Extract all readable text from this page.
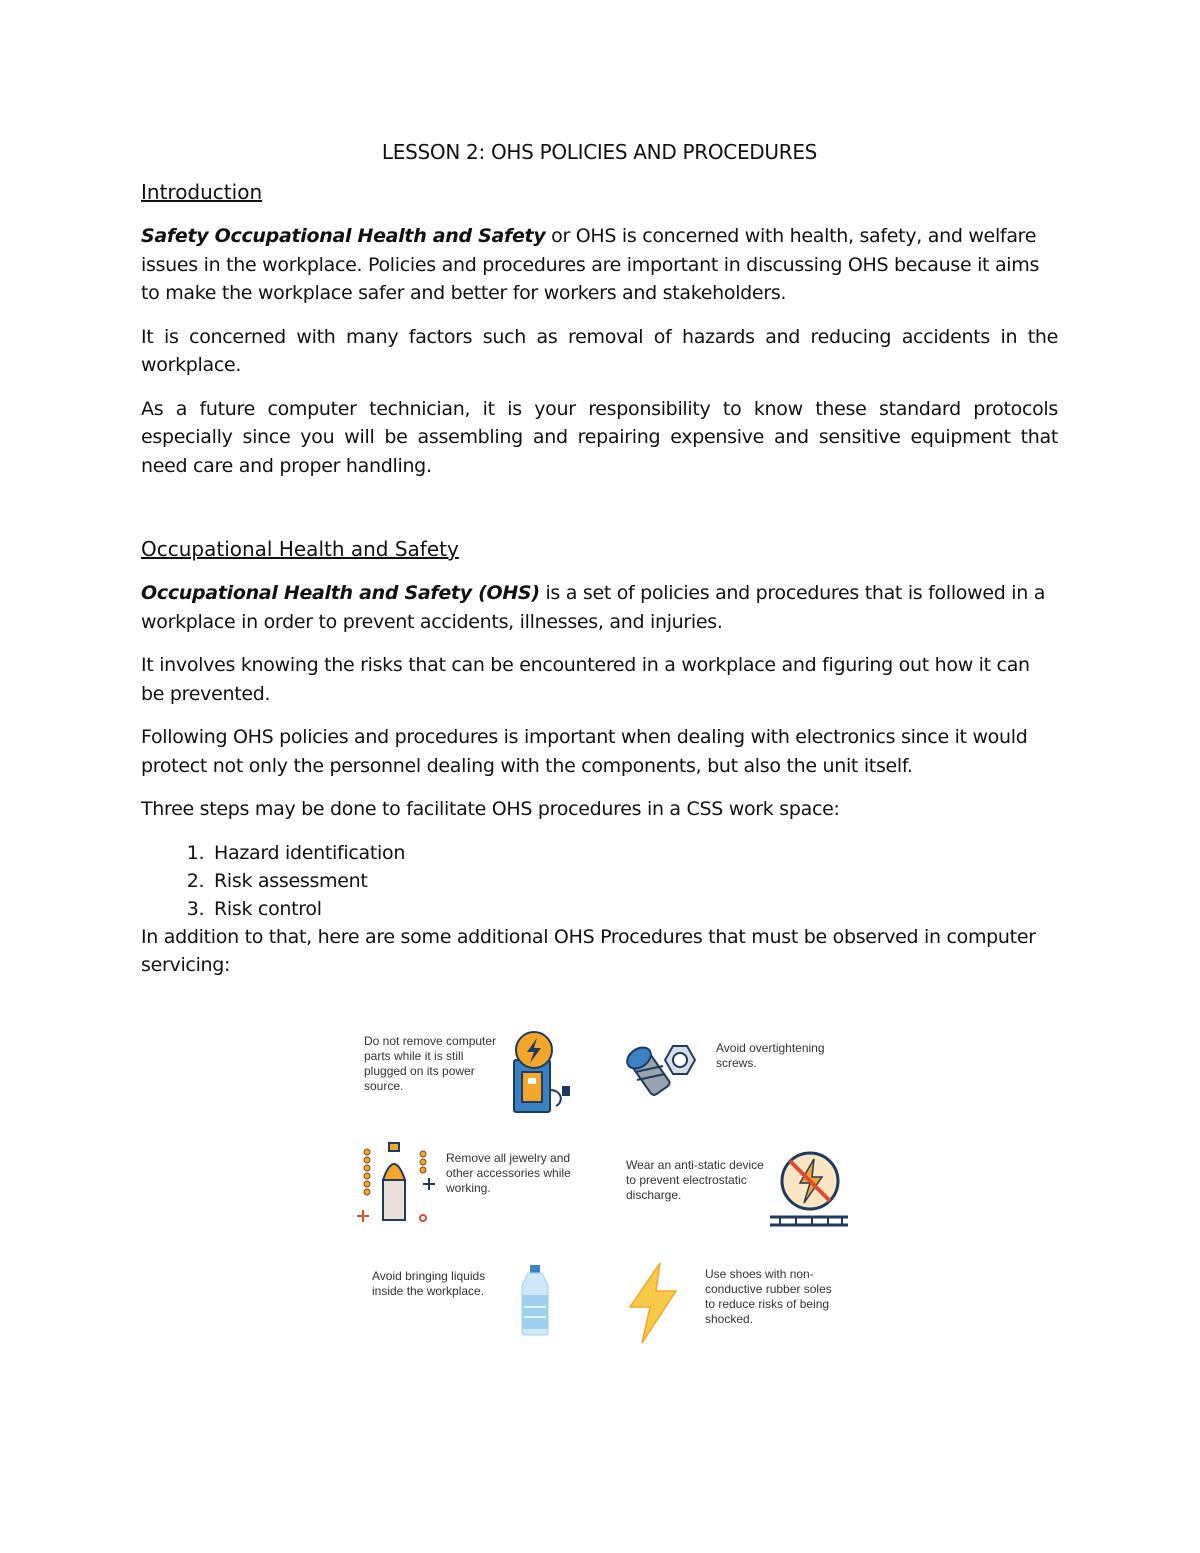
LESSON 2: OHS POLICIES AND PROCEDURES
Introduction

Safety Occupational Health and Safety or OHS is concerned with health, safety, and welfare issues in the workplace. Policies and procedures are important in discussing OHS because it aims to make the workplace safer and better for workers and stakeholders.

It is concerned with many factors such as removal of hazards and reducing accidents in the workplace.

As a future computer technician, it is your responsibility to know these standard protocols especially since you will be assembling and repairing expensive and sensitive equipment that need care and proper handling.

Occupational Health and Safety

Occupational Health and Safety (OHS) is a set of policies and procedures that is followed in a workplace in order to prevent accidents, illnesses, and injuries.

It involves knowing the risks that can be encountered in a workplace and figuring out how it can be prevented.

Following OHS policies and procedures is important when dealing with electronics since it would protect not only the personnel dealing with the components, but also the unit itself.

Three steps may be done to facilitate OHS procedures in a CSS work space:

1. Hazard identification
2. Risk assessment
3. Risk control

In addition to that, here are some additional OHS Procedures that must be observed in computer servicing:

Do not remove computer parts while it is still plugged on its power source.
Avoid overtightening screws.
Remove all jewelry and other accessories while working.
Wear an anti-static device to prevent electrostatic discharge.
Avoid bringing liquids inside the workplace.
Use shoes with non-conductive rubber soles to reduce risks of being shocked.
